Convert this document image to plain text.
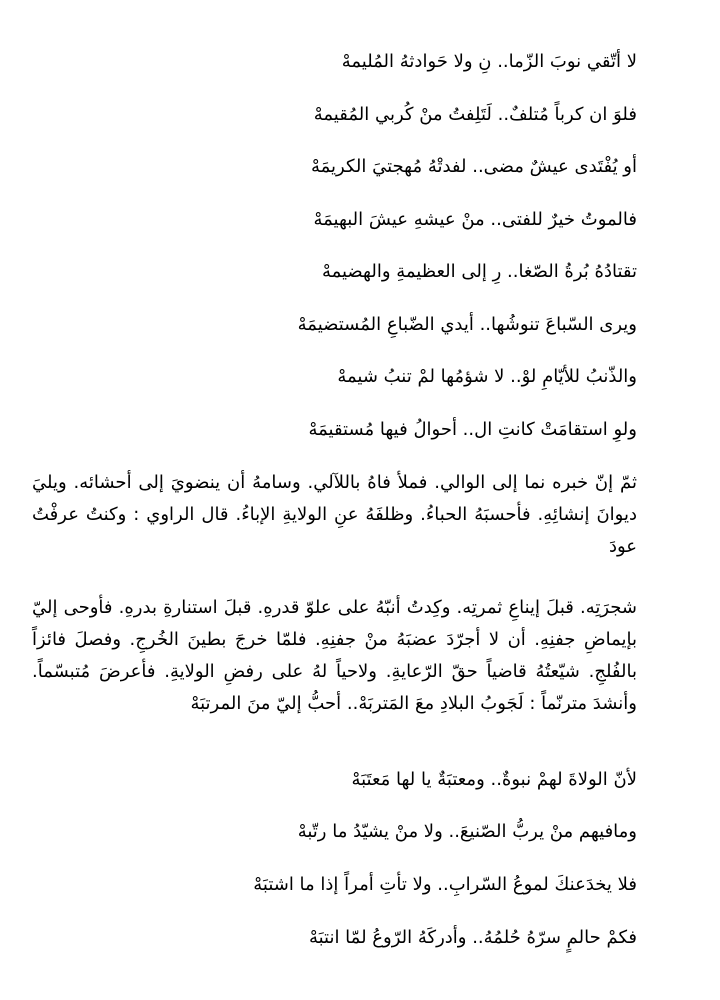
لا أتّقي نوبَ الزّما.. نِ ولا حَوادثهُ المُليمهْ
فلوَ ان كرباً مُتلفٌ.. لَتَلِفتُ منْ كُربي المُقيمهْ
أو يُفْتَدى عيشٌ مضى.. لفدتْهُ مُهجتيَ الكريمَهْ
فالموتُ خيرٌ للفتى.. منْ عيشهِ عيشَ البهيمَهْ
تقتادُهُ بُرةُ الصّغا.. رِ إلى العظيمةِ والهضيمهْ
ويرى السّباعَ تنوشُها.. أيدي الضّباعِ المُستضيمَهْ
والذّنبُ للأيّامِ لوْ.. لا شؤمُها لمْ تنبُ شيمهْ
ولوِ استقامَتْ كانتِ ال.. أحوالُ فيها مُستقيمَهْ
ثمّ إنّ خبره نما إلى الوالي. فملأ فاهُ باللآلي. وسامهُ أن ينضويَ إلى أحشائه. ويليَ ديوانَ إنشائِهِ. فأحسبَهُ الحباءُ. وظلفَهُ عنِ الولايةِ الإباءُ. قال الراوي : وكنتُ عرفْتُ عودَ
شجرَتِه. قبلَ إيناعِ ثمرتِه. وكِدتُ أنبّهُ على علوّ قدرهِ. قبلَ استنارةِ بدرهِ. فأوحى إليّ بإيماضِ جفنِهِ. أن لا أجرّدَ عضبَهُ منْ جفنِهِ. فلمّا خرجَ بطينَ الخُرجِ. وفصلَ فائزاً بالفُلجِ. شيّعتُهُ قاضياً حقّ الرّعايةِ. ولاحياً لهُ على رفضِ الولايةِ. فأعرضَ مُتبسّماً. وأنشدَ مترنّماً : لَجَوبُ البلادِ معَ المَتربَهْ.. أحبُّ إليّ منَ المرتبَهْ
لأنّ الولاةَ لهمْ نبوةٌ.. ومعتبَةٌ يا لها مَعتَبَهْ
ومافيهم منْ يربُّ الصّنيعَ.. ولا منْ يشيّدُ ما رتّبهْ
فلا يخدَعنكَ لموعُ السّرابِ.. ولا تأتِ أمراً إذا ما اشتبَهْ
فكمْ حالمٍ سرّهُ حُلمُهُ.. وأدركَهُ الرّوعُ لمّا انتبَهْ
